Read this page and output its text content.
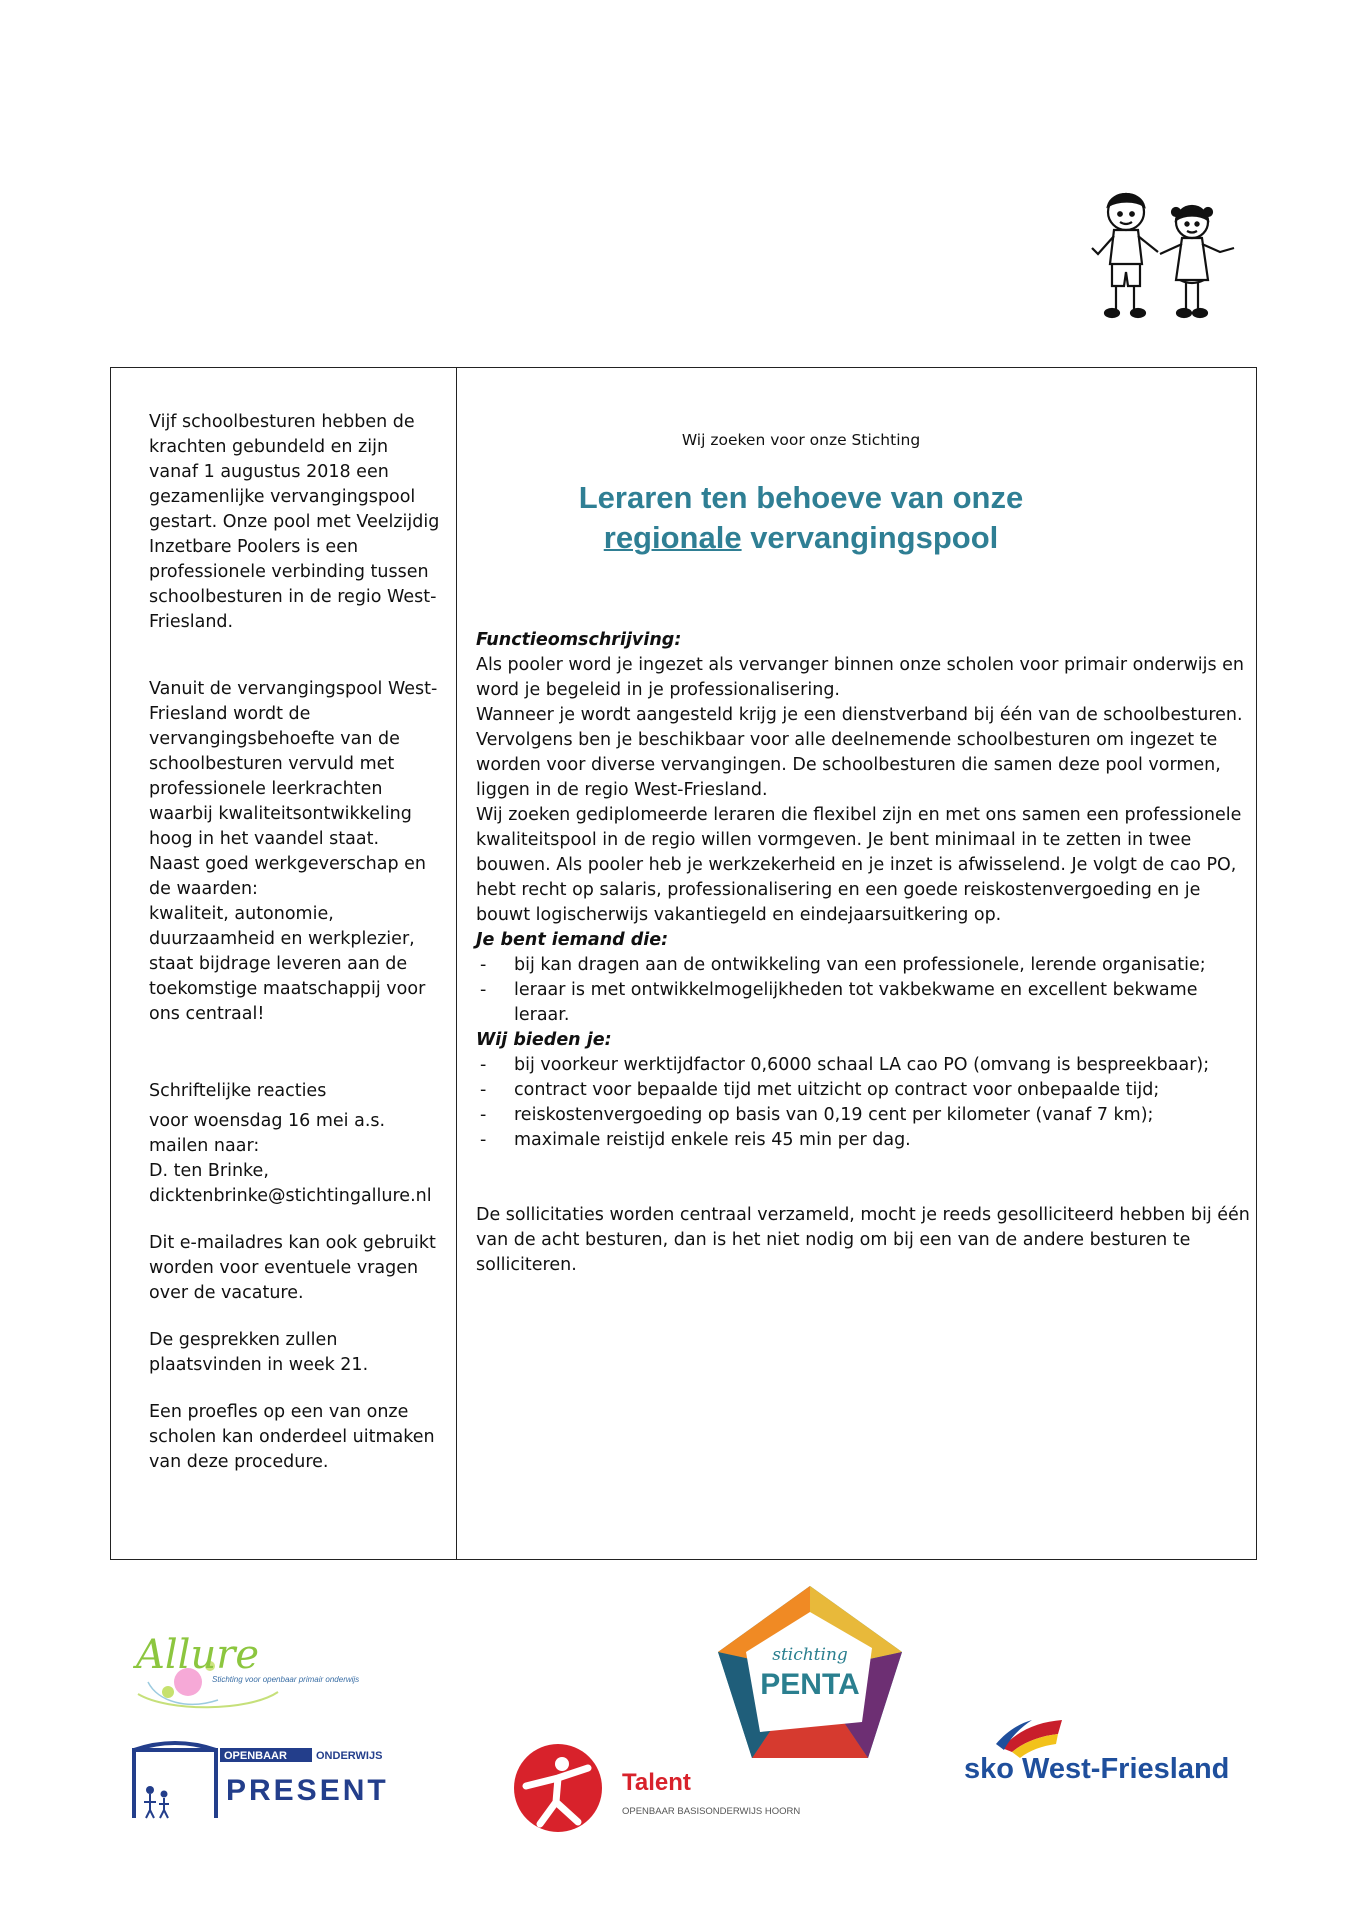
Vijf schoolbesturen hebben de krachten gebundeld en zijn vanaf 1 augustus 2018 een gezamenlijke vervangingspool gestart. Onze pool met Veelzijdig Inzetbare Poolers is een professionele verbinding tussen schoolbesturen in de regio West-Friesland.

Vanuit de vervangingspool West-Friesland wordt de vervangingsbehoefte van de schoolbesturen vervuld met professionele leerkrachten waarbij kwaliteitsontwikkeling hoog in het vaandel staat.

Naast goed werkgeverschap en de waarden:

kwaliteit, autonomie, duurzaamheid en werkplezier, staat bijdrage leveren aan de toekomstige maatschappij voor ons centraal!

Schriftelijke reacties

voor woensdag 16 mei a.s.

mailen naar:

D. ten Brinke,

dicktenbrinke@stichtingallure.nl

Dit e-mailadres kan ook gebruikt worden voor eventuele vragen over de vacature.

De gesprekken zullen plaatsvinden in week 21.

Een proefles op een van onze scholen kan onderdeel uitmaken van deze procedure.

Wij zoeken voor onze Stichting

Leraren ten behoeve van onze
regionale vervangingspool

Functieomschrijving:

Als pooler word je ingezet als vervanger binnen onze scholen voor primair onderwijs en word je begeleid in je professionalisering.

Wanneer je wordt aangesteld krijg je een dienstverband bij één van de schoolbesturen. Vervolgens ben je beschikbaar voor alle deelnemende schoolbesturen om ingezet te worden voor diverse vervangingen. De schoolbesturen die samen deze pool vormen, liggen in de regio West-Friesland.

Wij zoeken gediplomeerde leraren die flexibel zijn en met ons samen een professionele kwaliteitspool in de regio willen vormgeven. Je bent minimaal in te zetten in twee bouwen. Als pooler heb je werkzekerheid en je inzet is afwisselend. Je volgt de cao PO, hebt recht op salaris, professionalisering en een goede reiskostenvergoeding en je bouwt logischerwijs vakantiegeld en eindejaarsuitkering op.

Je bent iemand die:

- bij kan dragen aan de ontwikkeling van een professionele, lerende organisatie;
- leraar is met ontwikkelmogelijkheden tot vakbekwame en excellent bekwame leraar.

Wij bieden je:

- bij voorkeur werktijdfactor 0,6000 schaal LA cao PO (omvang is bespreekbaar);
- contract voor bepaalde tijd met uitzicht op contract voor onbepaalde tijd;
- reiskostenvergoeding op basis van 0,19 cent per kilometer (vanaf 7 km);
- maximale reistijd enkele reis 45 min per dag.

De sollicitaties worden centraal verzameld, mocht je reeds gesolliciteerd hebben bij één van de acht besturen, dan is het niet nodig om bij een van de andere besturen te solliciteren.

Allure
Stichting voor openbaar primair onderwijs
stichting
PENTA
OPENBAAR	ONDERWIJS
PRESENT	Talent
OPENBAAR BASISONDERWIJS HOORN
sko West-Friesland
